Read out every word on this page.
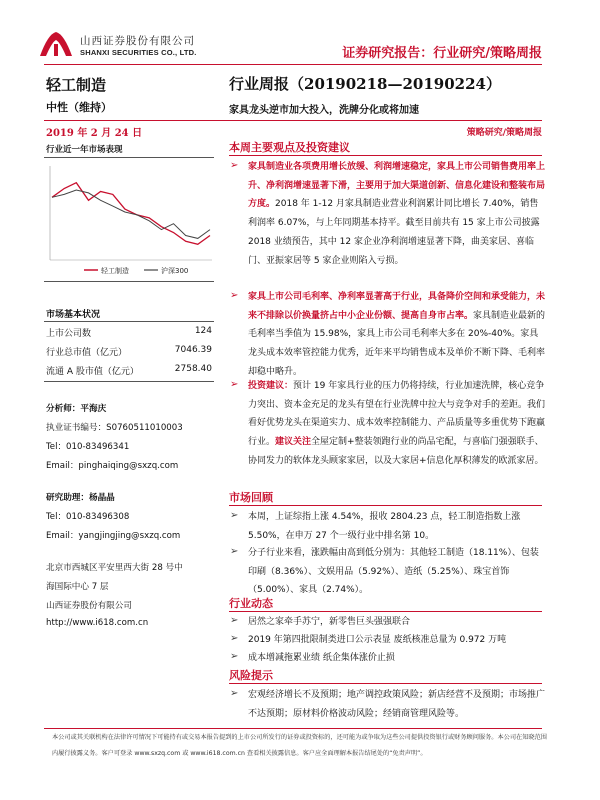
山西证券股份有限公司
SHANXI SECURITIES CO., LTD.	证券研究报告：行业研究/策略周报
轻工制造
中性（维持）
行业周报（20190218—20190224）
家具龙头逆市加大投入，洗牌分化或将加速
2019 年 2 月 24 日	策略研究/策略周报
行业近一年市场表现
轻工制造	沪深300
市场基本状况
上市公司数	124
行业总市值（亿元）	7046.39
流通 A 股市值（亿元）	2758.40
分析师：平海庆
执业证书编号：S0760511010003
Tel：010-83496341
Email：pinghaiqing@sxzq.com
研究助理：杨晶晶
Tel：010-83496308
Email：yangjingjing@sxzq.com
北京市西城区平安里西大街 28 号中
海国际中心 7 层
山西证券股份有限公司
http://www.i618.com.cn
本周主要观点及投资建议
➢ 家具制造业各项费用增长放缓、利润增速稳定，家具上市公司销售费用率上升、净利润增速显著下滑，主要用于加大渠道创新、信息化建设和整装布局方度。2018 年 1-12 月家具制造业营业利润累计同比增长 7.40%，销售利润率 6.07%，与上年同期基本持平。截至目前共有 15 家上市公司披露 2018 业绩预告，其中 12 家企业净利润增速显著下降，曲美家居、喜临门、亚振家居等 5 家企业则陷入亏损。
➢ 家具上市公司毛利率、净利率显著高于行业，具备降价空间和承受能力，未来不排除以价换量挤占中小企业份额、提高自身市占率。家具制造业最新的毛利率当季值为 15.98%，家具上市公司毛利率大多在 20%-40%。家具龙头成本效率管控能力优秀，近年来平均销售成本及单价不断下降、毛利率却稳中略升。
➢ 投资建议：预计 19 年家具行业的压力仍将持续，行业加速洗牌，核心竞争力突出、资本金充足的龙头有望在行业洗牌中拉大与竞争对手的差距。我们看好优势龙头在渠道实力、成本效率控制能力、产品质量等多重优势下跑赢行业。建议关注全屋定制+整装领跑行业的尚品宅配，与喜临门强强联手、协同发力的软体龙头顾家家居，以及大家居+信息化厚积薄发的欧派家居。
市场回顾
➢ 本周，上证综指上涨 4.54%，报收 2804.23 点，轻工制造指数上涨 5.50%，在申万 27 个一级行业中排名第 10。
➢ 分子行业来看，涨跌幅由高到低分别为：其他轻工制造（18.11%）、包装印刷（8.36%）、文娱用品（5.92%）、造纸（5.25%）、珠宝首饰（5.00%）、家具（2.74%）。
行业动态
➢ 居然之家牵手苏宁，新零售巨头强强联合
➢ 2019 年第四批限制类进口公示表显 废纸核准总量为 0.972 万吨
➢ 成本增减拖累业绩 纸企集体涨价止损
风险提示
➢ 宏观经济增长不及预期；地产调控政策风险；新店经营不及预期；市场推广不达预期；原材料价格波动风险；经销商管理风险等。
本公司或其关联机构在法律许可情况下可能持有或交易本报告提到的上市公司所发行的证券或投资标的，还可能为或争取为这些公司提供投资银行或财务顾问服务。本公司在知晓范围内履行披露义务。客户可登录 www.sxzq.com 或 www.i618.com.cn 查看相关披露信息。客户应全面理解本报告结尾处的“免责声明”。
